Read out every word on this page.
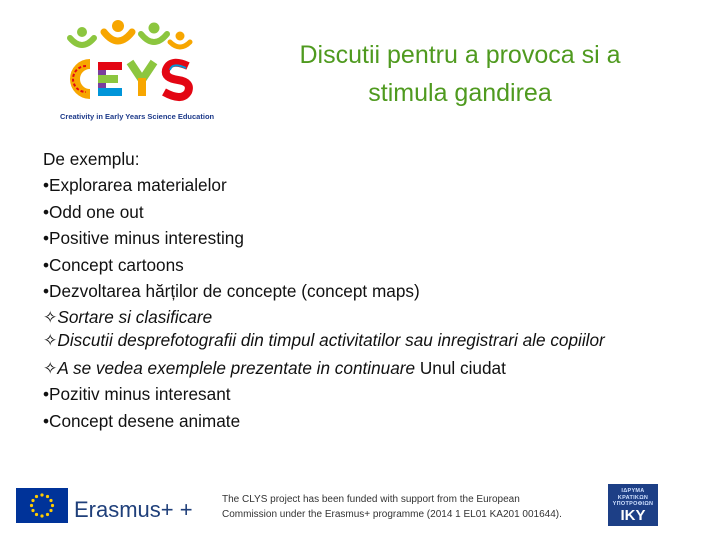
Creativity in Early Years Science Education
Discutii pentru a provoca si a
stimula gandirea
De exemplu:
•Explorarea materialelor
•Odd one out
•Positive minus interesting
•Concept cartoons
•Dezvoltarea hărților de concepte (concept maps)
✧Sortare si clasificare
✧Discutii desprefotografii din timpul activitatilor sau inregistrari ale copiilor
✧A se vedea exemplele prezentate in continuare Unul ciudat
•Pozitiv minus interesant
•Concept desene animate
Erasmus+ +	The CLYS project has been funded with support from the European
Commission under the Erasmus+ programme (2014 1 EL01 KA201 001644).
ΙΔΡΥΜΑ ΚΡΑΤΙΚΩΝ ΥΠΟΤΡΟΦΙΩΝ
IKY
